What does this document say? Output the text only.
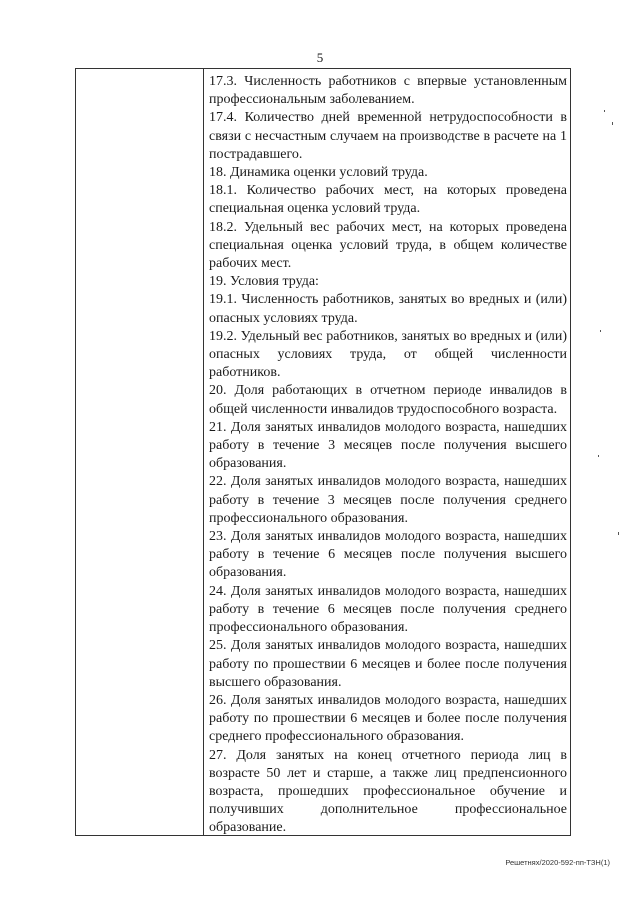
5

17.3. Численность работников с впервые установленным профессиональным заболеванием.

17.4. Количество дней временной нетрудоспособности в связи с несчастным случаем на производстве в расчете на 1 пострадавшего.

18. Динамика оценки условий труда.

18.1. Количество рабочих мест, на которых проведена специальная оценка условий труда.

18.2. Удельный вес рабочих мест, на которых проведена специальная оценка условий труда, в общем количестве рабочих мест.

19. Условия труда:

19.1. Численность работников, занятых во вредных и (или) опасных условиях труда.

19.2. Удельный вес работников, занятых во вредных и (или) опасных условиях труда, от общей численности работников.

20. Доля работающих в отчетном периоде инвалидов в общей численности инвалидов трудоспособного возраста.

21. Доля занятых инвалидов молодого возраста, нашедших работу в течение 3 месяцев после получения высшего образования.

22. Доля занятых инвалидов молодого возраста, нашедших работу в течение 3 месяцев после получения среднего профессионального образования.

23. Доля занятых инвалидов молодого возраста, нашедших работу в течение 6 месяцев после получения высшего образования.

24. Доля занятых инвалидов молодого возраста, нашедших работу в течение 6 месяцев после получения среднего профессионального образования.

25. Доля занятых инвалидов молодого возраста, нашедших работу по прошествии 6 месяцев и более после получения высшего образования.

26. Доля занятых инвалидов молодого возраста, нашедших работу по прошествии 6 месяцев и более после получения среднего профессионального образования.

27. Доля занятых на конец отчетного периода лиц в возрасте 50 лет и старше, а также лиц предпенсионного возраста, прошедших профессиональное обучение и получивших дополнительное профессиональное образование.

Решетнях/2020-592-пп-ТЗН(1)
